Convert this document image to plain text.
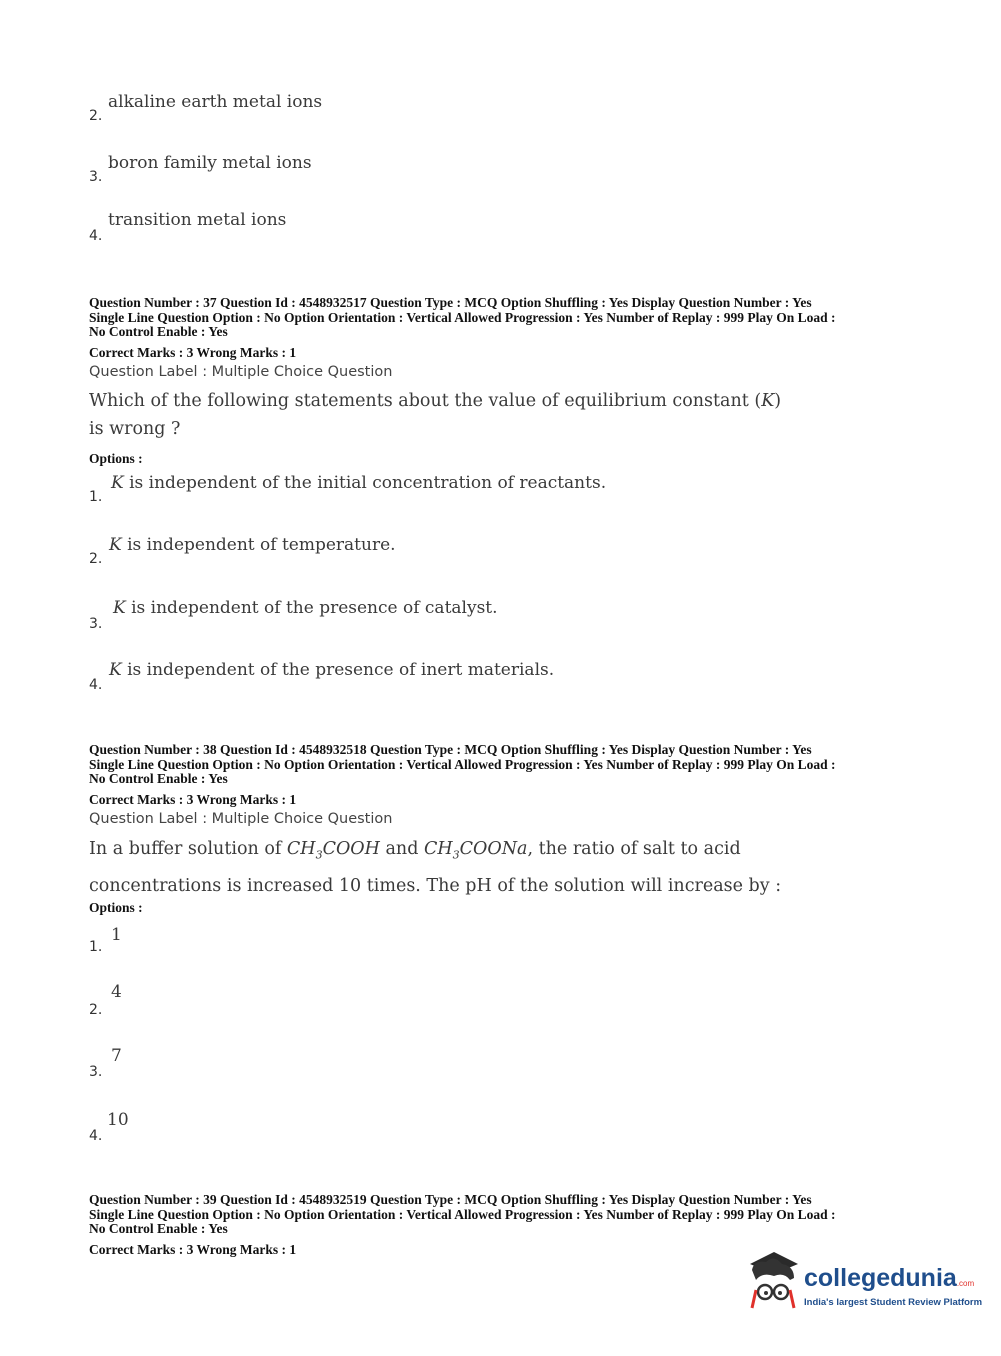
2.
alkaline earth metal ions
3.
boron family metal ions
4.
transition metal ions
Question Number : 37 Question Id : 4548932517 Question Type : MCQ Option Shuffling : Yes Display Question Number : Yes
Single Line Question Option : No Option Orientation : Vertical Allowed Progression : Yes Number of Replay : 999 Play On Load :
No Control Enable : Yes
Correct Marks : 3 Wrong Marks : 1
Question Label : Multiple Choice Question
Which of the following statements about the value of equilibrium constant (K)
is wrong ?
Options :
1.
K is independent of the initial concentration of reactants.
2.
K is independent of temperature.
3.
K is independent of the presence of catalyst.
4.
K is independent of the presence of inert materials.
Question Number : 38 Question Id : 4548932518 Question Type : MCQ Option Shuffling : Yes Display Question Number : Yes
Single Line Question Option : No Option Orientation : Vertical Allowed Progression : Yes Number of Replay : 999 Play On Load :
No Control Enable : Yes
Correct Marks : 3 Wrong Marks : 1
Question Label : Multiple Choice Question
In a buffer solution of $CH_3COOH$ and $CH_3COONa$, the ratio of salt to acid
concentrations is increased 10 times. The pH of the solution will increase by :
Options :
1.
1
2.
4
3.
7
4.
10
Question Number : 39 Question Id : 4548932519 Question Type : MCQ Option Shuffling : Yes Display Question Number : Yes
Single Line Question Option : No Option Orientation : Vertical Allowed Progression : Yes Number of Replay : 999 Play On Load :
No Control Enable : Yes
Correct Marks : 3 Wrong Marks : 1
collegedunia.com
India's largest Student Review Platform
